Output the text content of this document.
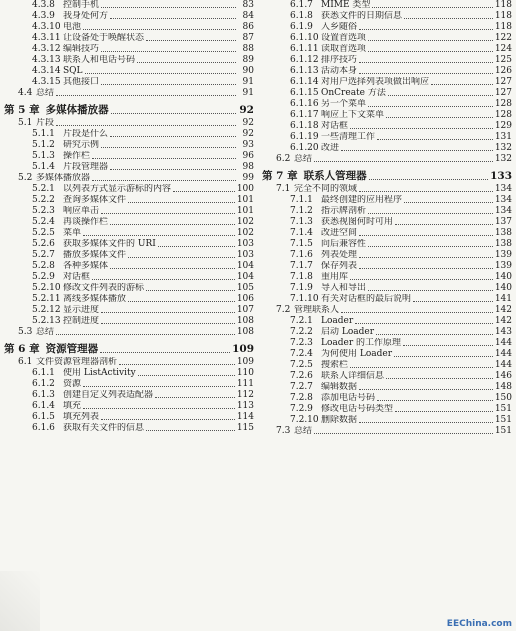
4.3.8 控制手机	83
4.3.9 我身处何方	84
4.3.10 电池	86
4.3.11 让设备处于唤醒状态	87
4.3.12 编辑技巧	88
4.3.13 联系人和电话号码	89
4.3.14 SQL	90
4.3.15 其他接口	91
4.4 总结	91
第 5 章 多媒体播放器	92
5.1 片段	92
5.1.1 片段是什么	92
5.1.2 研究示例	93
5.1.3 操作栏	96
5.1.4 片段管理器	98
5.2 多媒体播放器	99
5.2.1 以列表方式显示游标的内容	100
5.2.2 查询多媒体文件	101
5.2.3 响应单击	101
5.2.4 再谈操作栏	102
5.2.5 菜单	102
5.2.6 获取多媒体文件的 URI	103
5.2.7 播放多媒体文件	103
5.2.8 各种多媒体	104
5.2.9 对话框	104
5.2.10 修改文件列表的游标	105
5.2.11 离线多媒体播放	106
5.2.12 显示进度	107
5.2.13 控制进度	108
5.3 总结	108
第 6 章 资源管理器	109
6.1 文件资源管理器剖析	109
6.1.1 使用 ListActivity	110
6.1.2 资源	111
6.1.3 创建自定义列表适配器	112
6.1.4 填充	113
6.1.5 填充列表	114
6.1.6 获取有关文件的信息	115
6.1.7 MIME 类型	118
6.1.8 获悉文件的日期信息	118
6.1.9 入乡随俗	118
6.1.10 设置首选项	122
6.1.11 读取首选项	124
6.1.12 排序技巧	125
6.1.13 活动本身	126
6.1.14 对用户选择列表项做出响应	127
6.1.15 OnCreate 方法	127
6.1.16 另一个菜单	128
6.1.17 响应上下文菜单	128
6.1.18 对话框	129
6.1.19 一些清理工作	131
6.1.20 改进	132
6.2 总结	132
第 7 章 联系人管理器	133
7.1 完全不同的领域	134
7.1.1 最终创建的应用程序	134
7.1.2 指示牌剖析	134
7.1.3 获悉视图何时可用	137
7.1.4 改进空间	138
7.1.5 向后兼容性	138
7.1.6 列表处理	139
7.1.7 保存列表	139
7.1.8 重用库	140
7.1.9 导入和导出	140
7.1.10 有关对话框的最后说明	141
7.2 管理联系人	142
7.2.1 Loader	142
7.2.2 启动 Loader	143
7.2.3 Loader 的工作原理	144
7.2.4 为何使用 Loader	144
7.2.5 搜索栏	144
7.2.6 联系人详细信息	146
7.2.7 编辑数据	148
7.2.8 添加电话号码	150
7.2.9 修改电话号码类型	151
7.2.10 删除数据	151
7.3 总结	151
EEChina.com
